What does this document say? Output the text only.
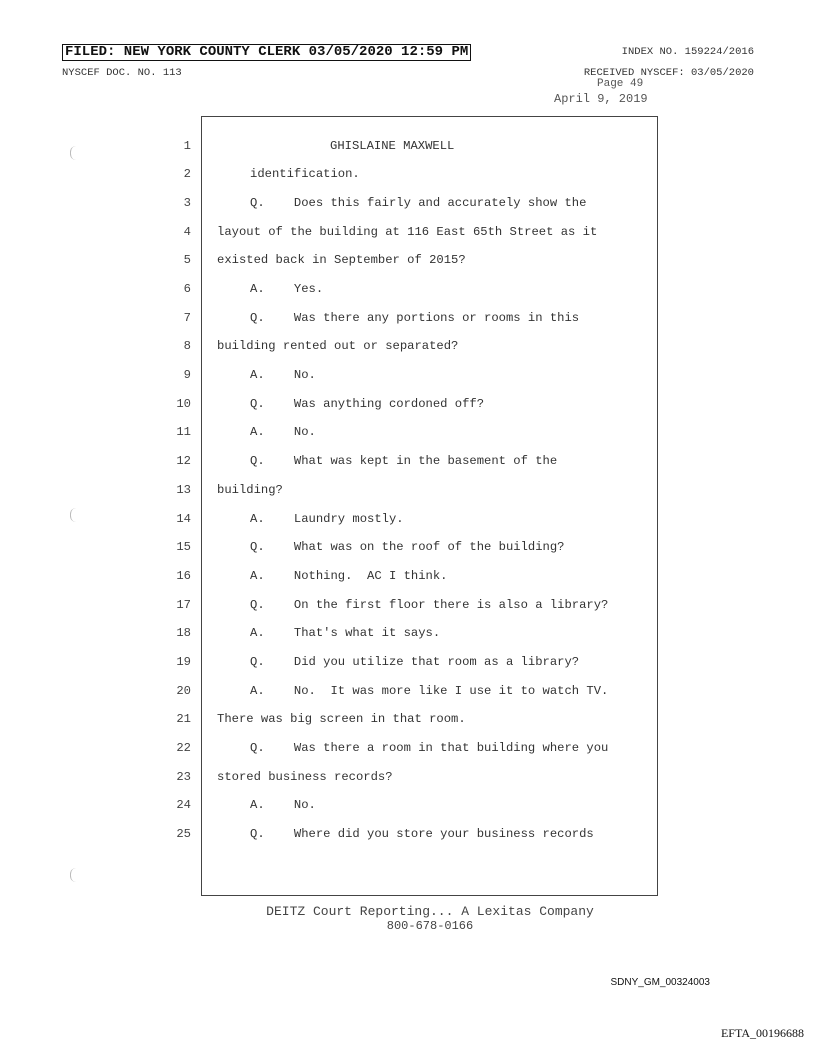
FILED: NEW YORK COUNTY CLERK 03/05/2020 12:59 PM
NYSCEF DOC. NO. 113
INDEX NO. 159224/2016
RECEIVED NYSCEF: 03/05/2020
Page 49
April 9, 2019
1	GHISLAINE MAXWELL
2	identification.
3	Q.    Does this fairly and accurately show the
4 layout of the building at 116 East 65th Street as it
5 existed back in September of 2015?
6	A.    Yes.
7	Q.    Was there any portions or rooms in this
8 building rented out or separated?
9	A.    No.
10	Q.    Was anything cordoned off?
11	A.    No.
12	Q.    What was kept in the basement of the
13 building?
14	A.    Laundry mostly.
15	Q.    What was on the roof of the building?
16	A.    Nothing.  AC I think.
17	Q.    On the first floor there is also a library?
18	A.    That's what it says.
19	Q.    Did you utilize that room as a library?
20	A.    No.  It was more like I use it to watch TV.
21 There was big screen in that room.
22	Q.    Was there a room in that building where you
23 stored business records?
24	A.    No.
25	Q.    Where did you store your business records
DEITZ Court Reporting... A Lexitas Company
800-678-0166
SDNY_GM_00324003
EFTA_00196688
